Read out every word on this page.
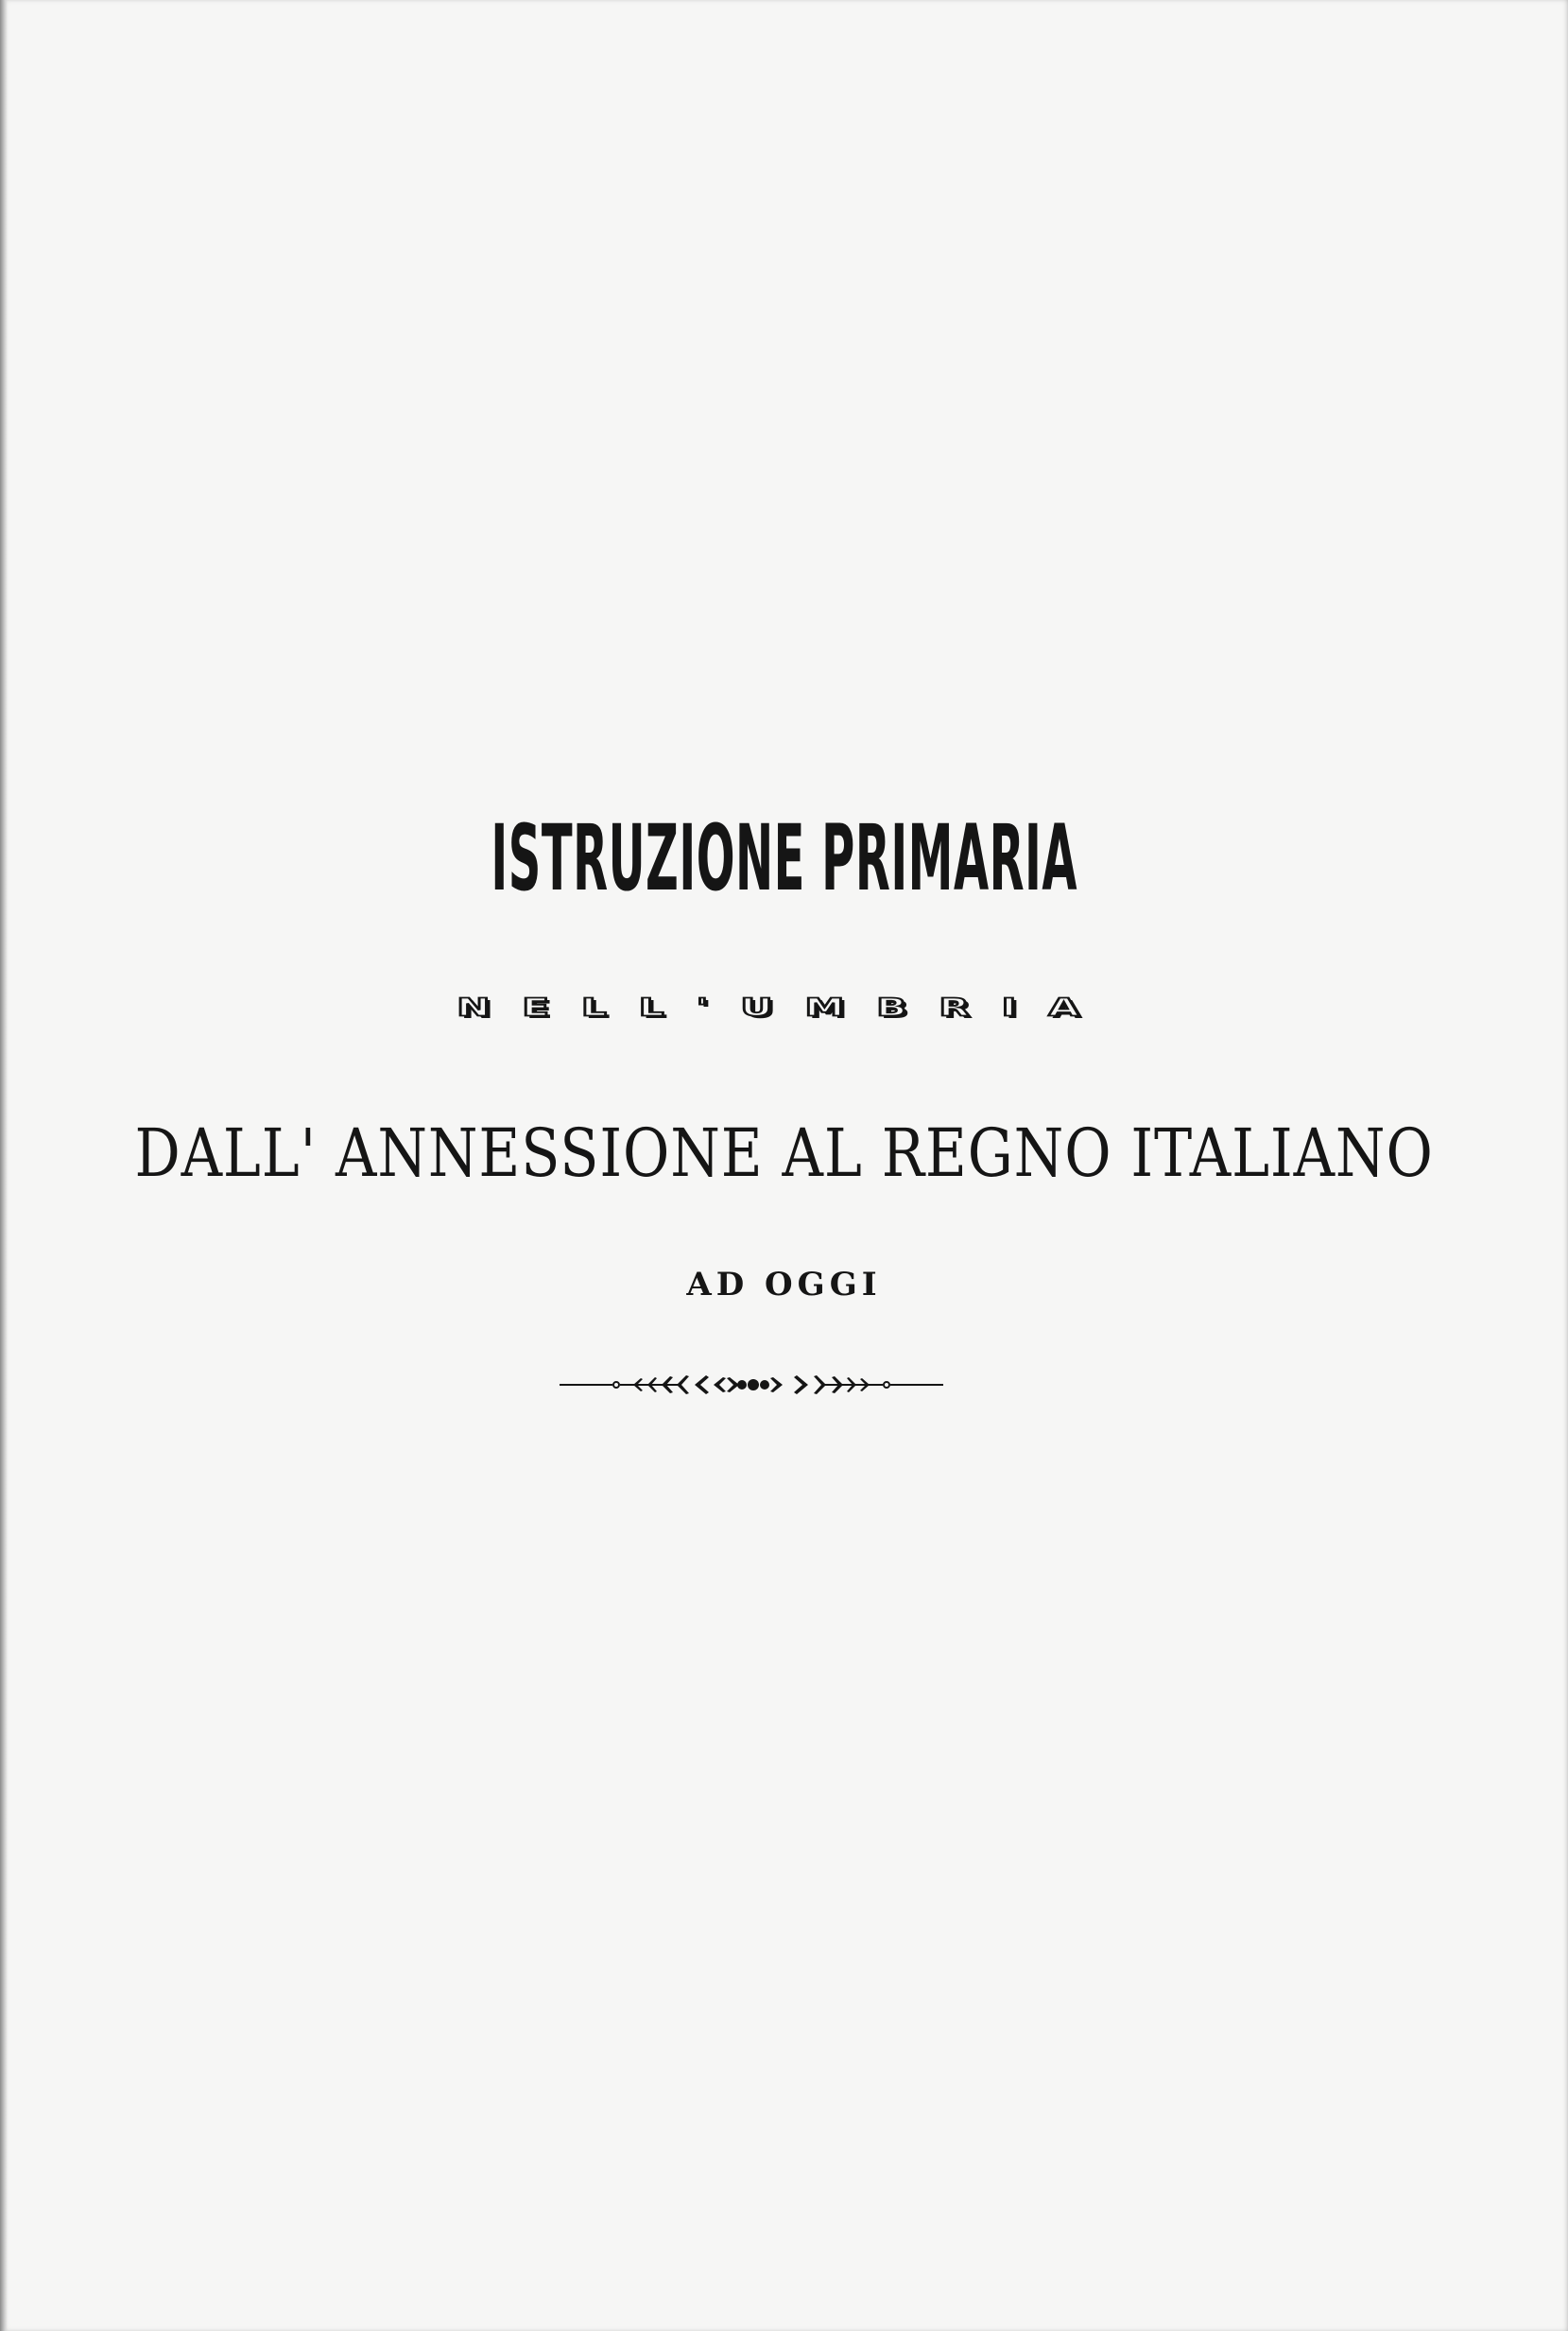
ISTRUZIONE PRIMARIA
NELL'UMBRIA
DALL' ANNESSIONE AL REGNO ITALIANO
AD OGGI
